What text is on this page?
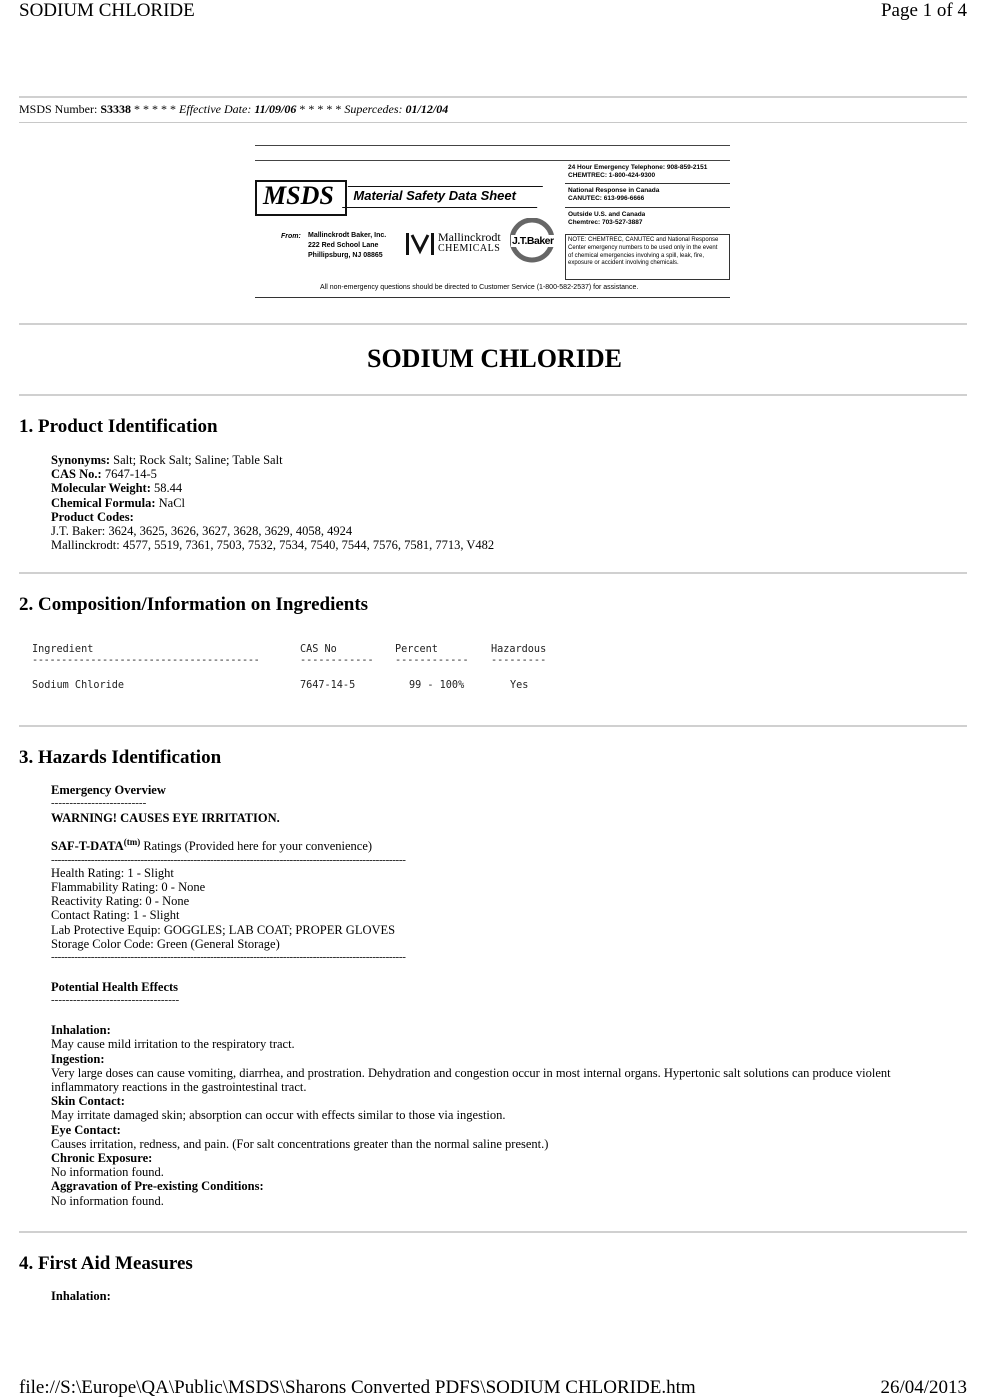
SODIUM CHLORIDE	Page 1 of 4
MSDS Number: S3338 * * * * * Effective Date: 11/09/06 * * * * * Supercedes: 01/12/04
MSDS Material Safety Data Sheet
From: Mallinckrodt Baker, Inc.
222 Red School Lane
Phillipsburg, NJ 08865
Mallinckrodt
CHEMICALS
J.T.Baker
24 Hour Emergency Telephone: 908-859-2151
CHEMTREC: 1-800-424-9300
National Response in Canada
CANUTEC: 613-996-6666
Outside U.S. and Canada
Chemtrec: 703-527-3887
NOTE: CHEMTREC, CANUTEC and National Response Center emergency numbers to be used only in the event of chemical emergencies involving a spill, leak, fire, exposure or accident involving chemicals.
All non-emergency questions should be directed to Customer Service (1-800-582-2537) for assistance.
SODIUM CHLORIDE
1. Product Identification
Synonyms: Salt; Rock Salt; Saline; Table Salt
CAS No.: 7647-14-5
Molecular Weight: 58.44
Chemical Formula: NaCl
Product Codes:
J.T. Baker: 3624, 3625, 3626, 3627, 3628, 3629, 4058, 4924
Mallinckrodt: 4577, 5519, 7361, 7503, 7532, 7534, 7540, 7544, 7576, 7581, 7713, V482
2. Composition/Information on Ingredients
Ingredient	CAS No	Percent	Hazardous
---------------------------------------	------------ ------------ ---------
Sodium Chloride	7647-14-5	99 - 100%	Yes
3. Hazards Identification
Emergency Overview
--------------------------
WARNING! CAUSES EYE IRRITATION.
SAF-$T-DATA^{(tm)}$ Ratings (Provided here for your convenience)
-----------------------------------------------------------------------------------------------------------
Health Rating: 1 - Slight
Flammability Rating: 0 - None
Reactivity Rating: 0 - None
Contact Rating: 1 - Slight
Lab Protective Equip: GOGGLES; LAB COAT; PROPER GLOVES
Storage Color Code: Green (General Storage)
-----------------------------------------------------------------------------------------------------------
Potential Health Effects
-----------------------------------
Inhalation:
May cause mild irritation to the respiratory tract.
Ingestion:
Very large doses can cause vomiting, diarrhea, and prostration. Dehydration and congestion occur in most internal organs. Hypertonic salt solutions can produce violent inflammatory reactions in the gastrointestinal tract.
Skin Contact:
May irritate damaged skin; absorption can occur with effects similar to those via ingestion.
Eye Contact:
Causes irritation, redness, and pain. (For salt concentrations greater than the normal saline present.)
Chronic Exposure:
No information found.
Aggravation of Pre-existing Conditions:
No information found.
4. First Aid Measures
Inhalation:
file://S:\Europe\QA\Public\MSDS\Sharons Converted PDFS\SODIUM CHLORIDE.htm	26/04/2013
